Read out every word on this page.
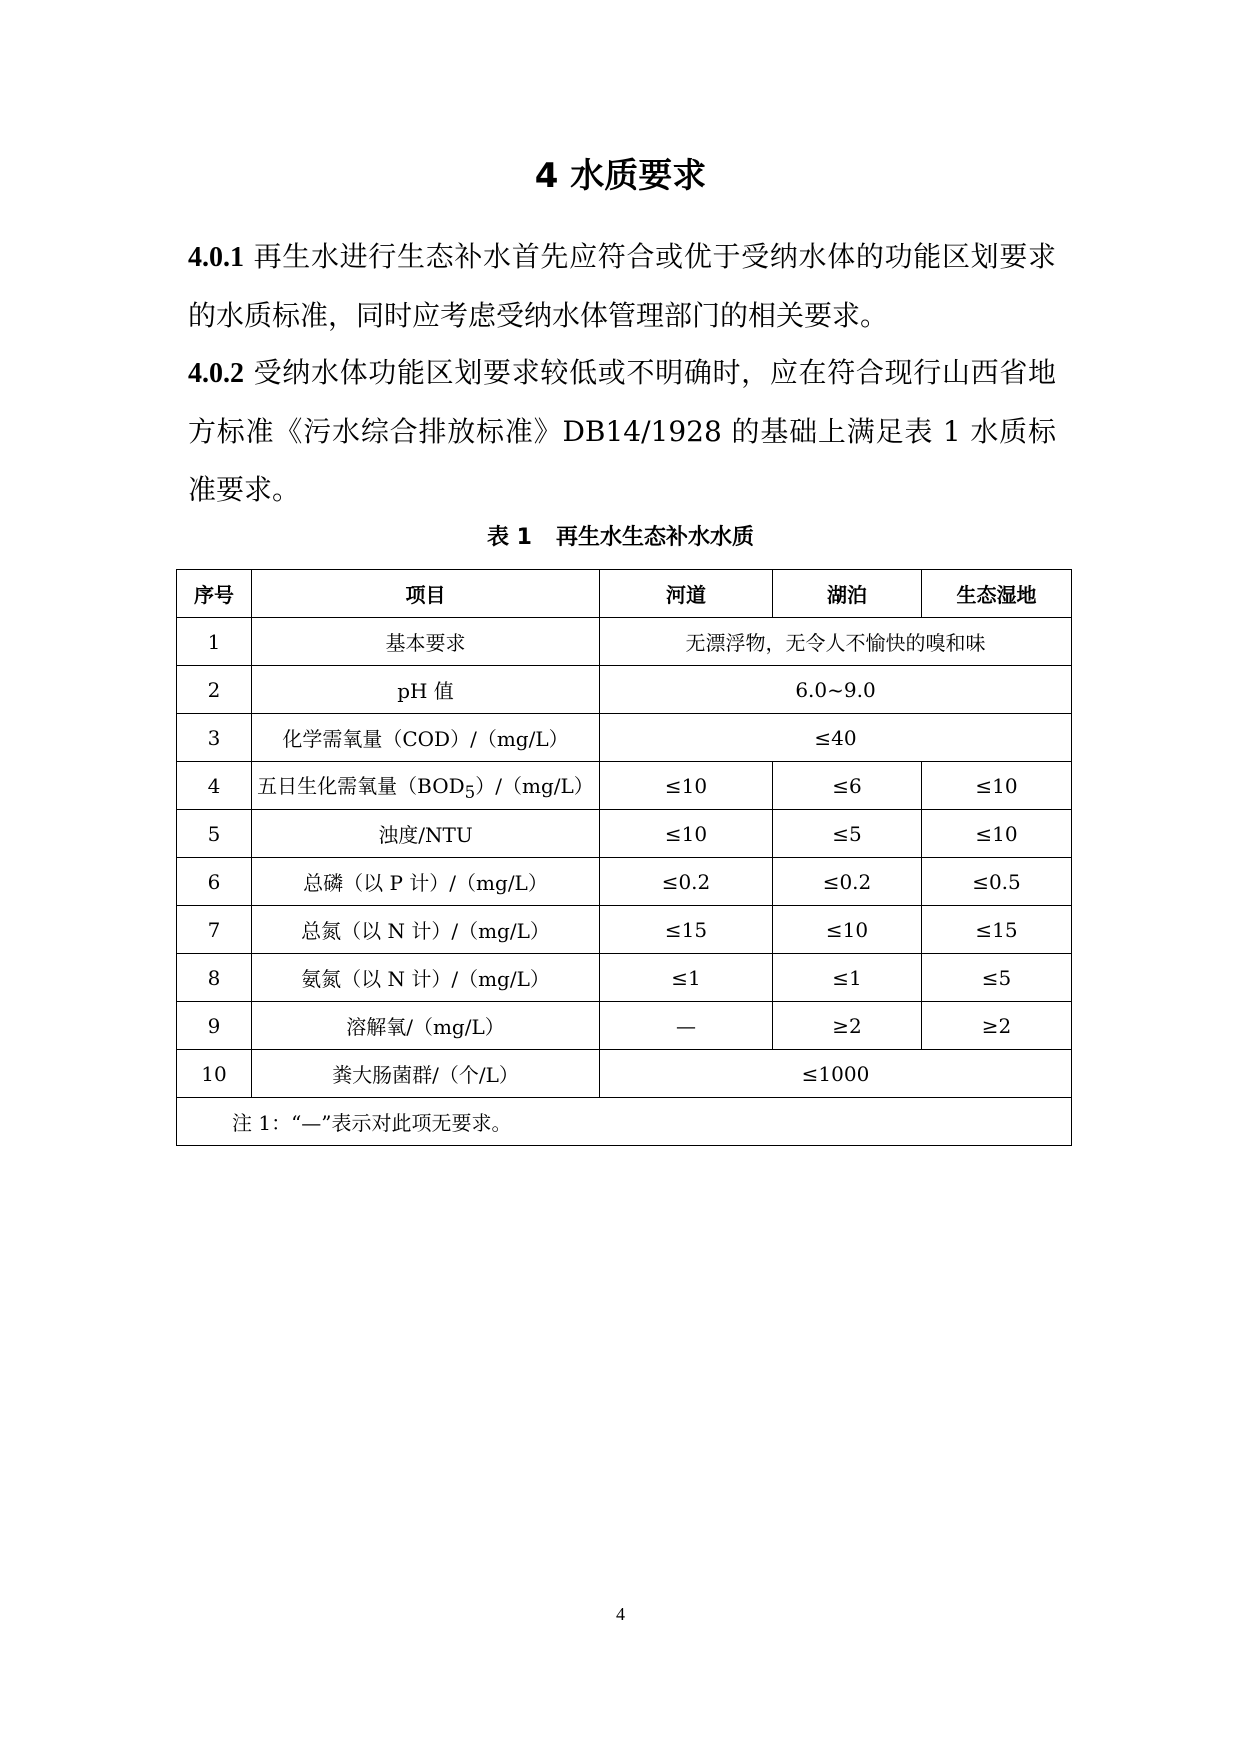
4 水质要求

4.0.1 再生水进行生态补水首先应符合或优于受纳水体的功能区划要求的水质标准，同时应考虑受纳水体管理部门的相关要求。

4.0.2 受纳水体功能区划要求较低或不明确时，应在符合现行山西省地方标准《污水综合排放标准》DB14/1928 的基础上满足表 1 水质标准要求。

表 1 再生水生态补水水质

序号	项目	河道	湖泊	生态湿地
1	基本要求	无漂浮物，无令人不愉快的嗅和味		
2	pH 值	6.0~9.0		
3	化学需氧量（COD）/（mg/L）	≤40		
4	五日生化需氧量$(BOD_5)/(mg/L)$	≤10	≤6	≤10
5	浊度/NTU	≤10	≤5	≤10
6	总磷（以 P 计）/（mg/L）	≤0.2	≤0.2	≤0.5
7	总氮（以 N 计）/（mg/L）	≤15	≤10	≤15
8	氨氮（以 N 计）/（mg/L）	≤1	≤1	≤5
9	溶解氧/（mg/L）	—	≥2	≥2
10	粪大肠菌群/（个/L）	≤1000		
注 1：“—”表示对此项无要求。				

4
